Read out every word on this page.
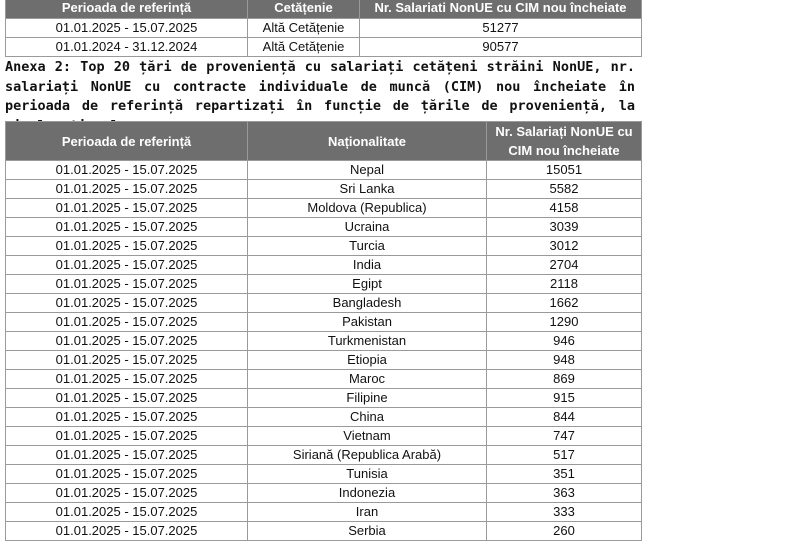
Perioada de referință	Cetățenie	Nr. Salariati NonUE cu CIM nou încheiate
01.01.2025 - 15.07.2025	Altă Cetățenie	51277
01.01.2024 - 31.12.2024	Altă Cetățenie	90577

Anexa 2: Top 20 țări de proveniență cu salariați cetățeni străini NonUE, nr. salariați NonUE cu contracte individuale de muncă (CIM) nou încheiate în perioada de referință repartizați în funcție de țările de proveniență, la

Perioada de referință	Naționalitate	Nr. Salariați NonUE cu CIM nou încheiate
01.01.2025 - 15.07.2025	Nepal	15051
01.01.2025 - 15.07.2025	Sri Lanka	5582
01.01.2025 - 15.07.2025	Moldova (Republica)	4158
01.01.2025 - 15.07.2025	Ucraina	3039
01.01.2025 - 15.07.2025	Turcia	3012
01.01.2025 - 15.07.2025	India	2704
01.01.2025 - 15.07.2025	Egipt	2118
01.01.2025 - 15.07.2025	Bangladesh	1662
01.01.2025 - 15.07.2025	Pakistan	1290
01.01.2025 - 15.07.2025	Turkmenistan	946
01.01.2025 - 15.07.2025	Etiopia	948
01.01.2025 - 15.07.2025	Maroc	869
01.01.2025 - 15.07.2025	Filipine	915
01.01.2025 - 15.07.2025	China	844
01.01.2025 - 15.07.2025	Vietnam	747
01.01.2025 - 15.07.2025	Siriană (Republica Arabă)	517
01.01.2025 - 15.07.2025	Tunisia	351
01.01.2025 - 15.07.2025	Indonezia	363
01.01.2025 - 15.07.2025	Iran	333
01.01.2025 - 15.07.2025	Serbia	260
